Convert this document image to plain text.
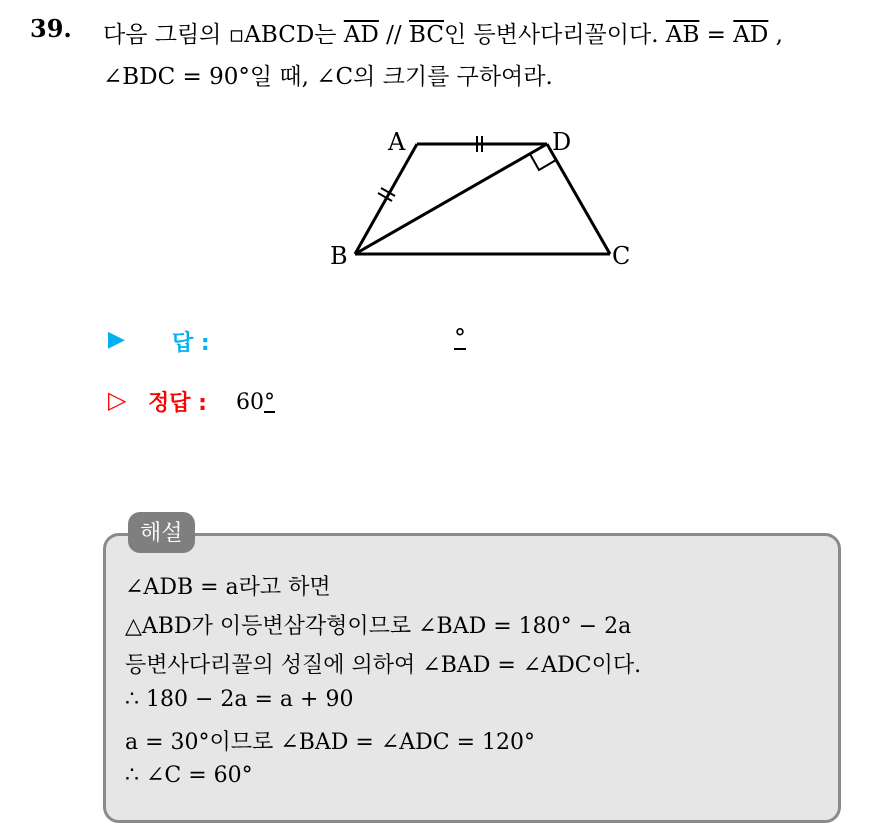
39. 다음 그림의 ▫ABCD는 $\overline{AD} // \overline{BC}$인 등변사다리꼴이다. $\overline{AB} = \overline{AD}$ ,
∠BDC = 90°일 때, ∠C의 크기를 구하여라.
A	D
B	C
▶ 답 :	°
▷ 정답 : 60°
해설
∠ADB = a라고 하면
△ABD가 이등변삼각형이므로 ∠BAD = 180° − 2a
등변사다리꼴의 성질에 의하여 ∠BAD = ∠ADC이다.
∴ 180 − 2a = a + 90
a = 30°이므로 ∠BAD = ∠ADC = 120°
∴ ∠C = 60°
